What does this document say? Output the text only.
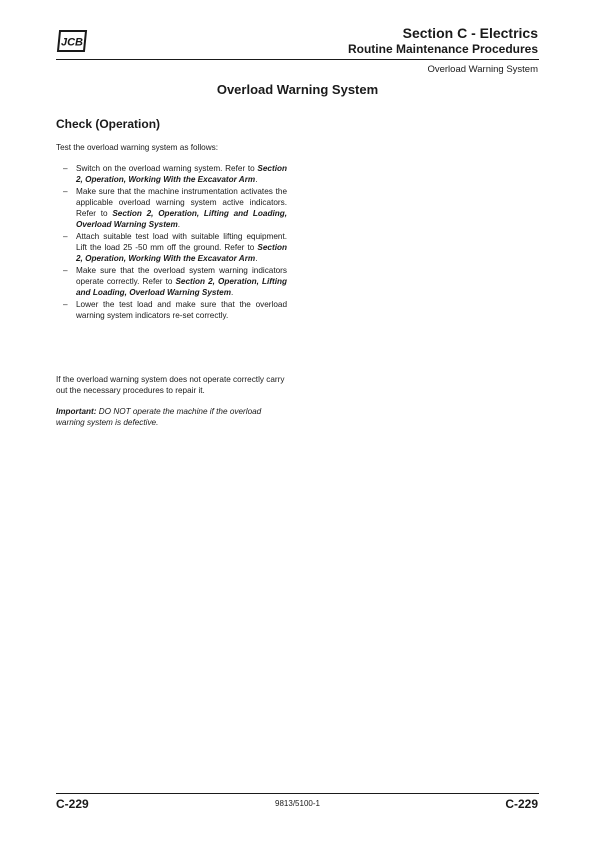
JCB
Section C - Electrics
Routine Maintenance Procedures
Overload Warning System
Overload Warning System
Check (Operation)
Test the overload warning system as follows:
– Switch on the overload warning system. Refer to Section 2, Operation, Working With the Excavator Arm.
– Make sure that the machine instrumentation activates the applicable overload warning system active indicators. Refer to Section 2, Operation, Lifting and Loading, Overload Warning System.
– Attach suitable test load with suitable lifting equipment. Lift the load 25 -50 mm off the ground. Refer to Section 2, Operation, Working With the Excavator Arm.
– Make sure that the overload system warning indicators operate correctly. Refer to Section 2, Operation, Lifting and Loading, Overload Warning System.
– Lower the test load and make sure that the overload warning system indicators re-set correctly.
If the overload warning system does not operate correctly carry out the necessary procedures to repair it.
Important: DO NOT operate the machine if the overload warning system is defective.
C-229	9813/5100-1	C-229
